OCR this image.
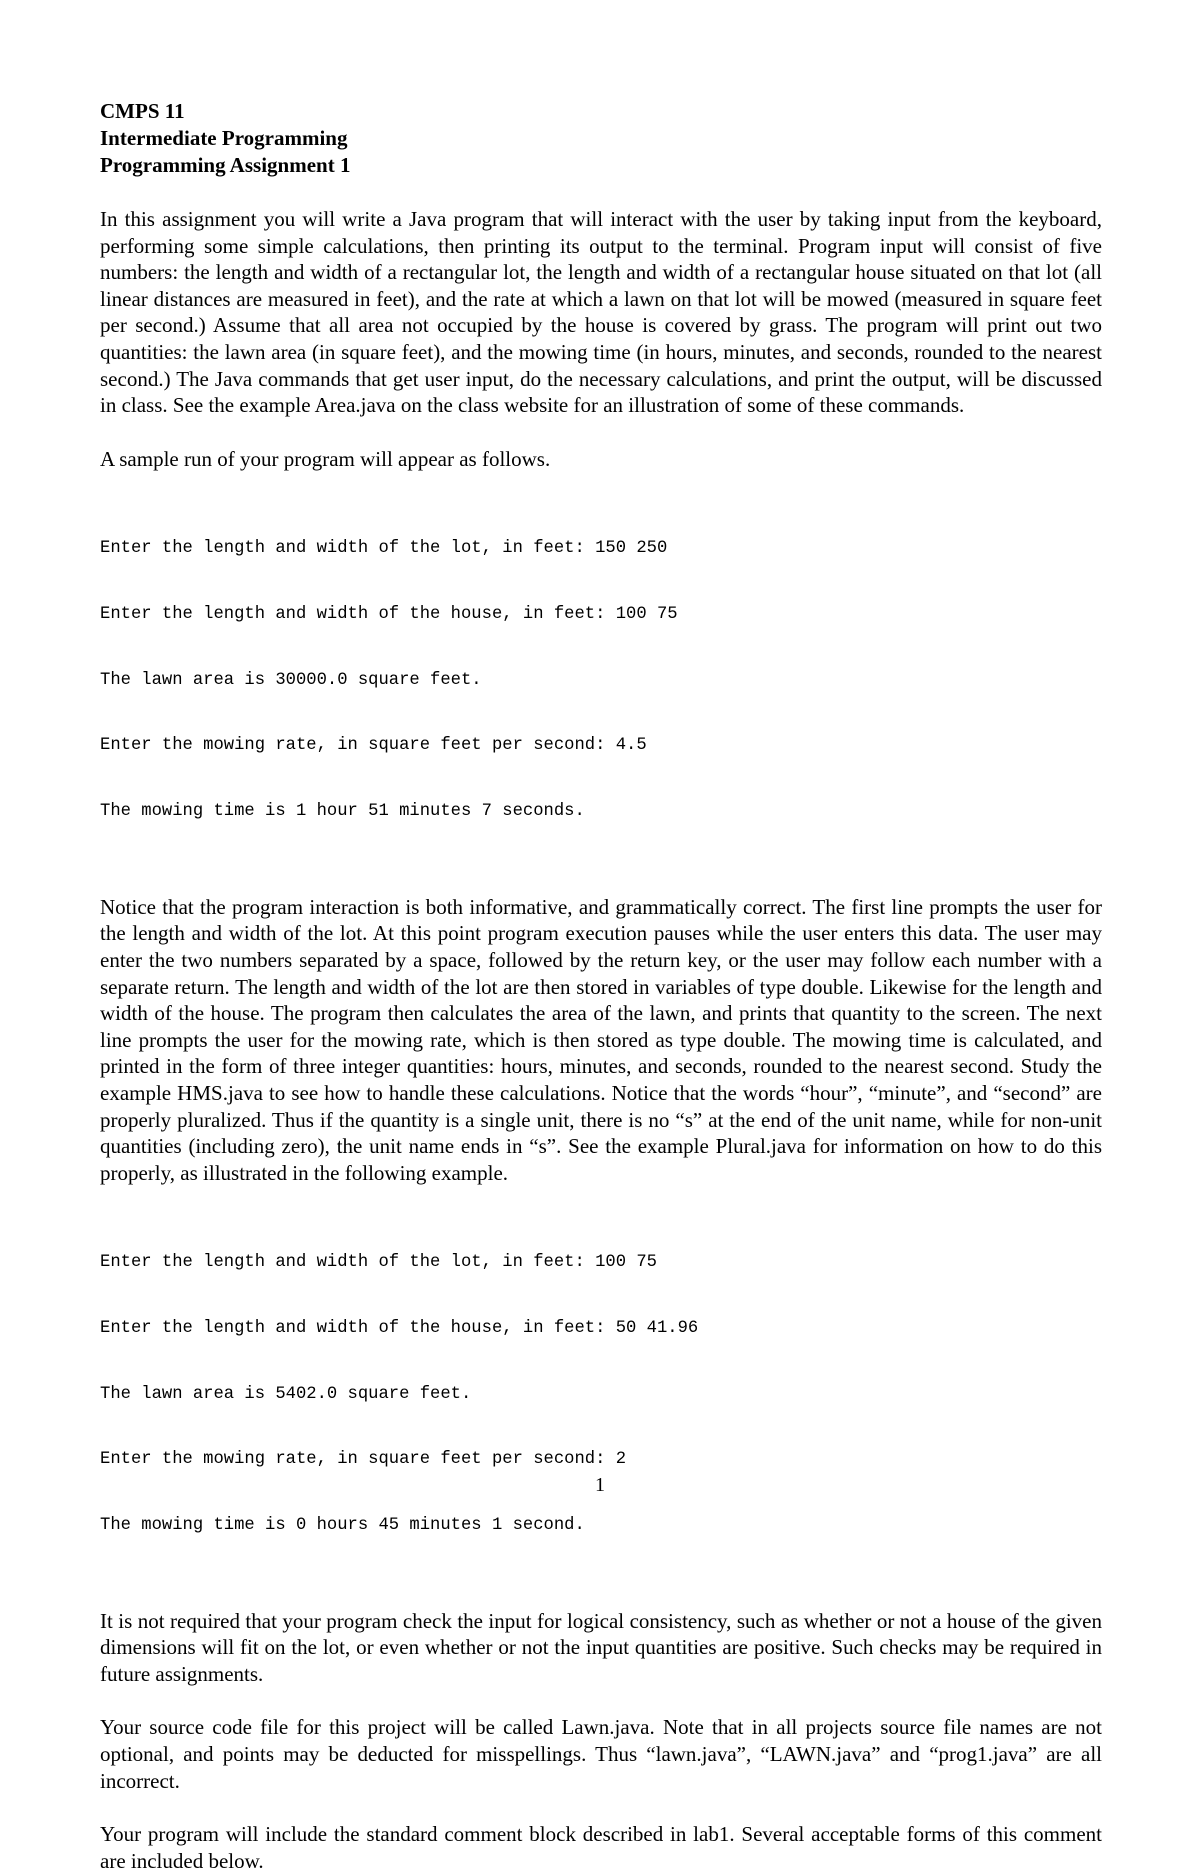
CMPS 11
Intermediate Programming
Programming Assignment 1

In this assignment you will write a Java program that will interact with the user by taking input from the keyboard, performing some simple calculations, then printing its output to the terminal. Program input will consist of five numbers: the length and width of a rectangular lot, the length and width of a rectangular house situated on that lot (all linear distances are measured in feet), and the rate at which a lawn on that lot will be mowed (measured in square feet per second.) Assume that all area not occupied by the house is covered by grass. The program will print out two quantities: the lawn area (in square feet), and the mowing time (in hours, minutes, and seconds, rounded to the nearest second.) The Java commands that get user input, do the necessary calculations, and print the output, will be discussed in class. See the example Area.java on the class website for an illustration of some of these commands.

A sample run of your program will appear as follows.

Enter the length and width of the lot, in feet: 150 250

Enter the length and width of the house, in feet: 100 75

The lawn area is 30000.0 square feet.

Enter the mowing rate, in square feet per second: 4.5

The mowing time is 1 hour 51 minutes 7 seconds.

Notice that the program interaction is both informative, and grammatically correct. The first line prompts the user for the length and width of the lot. At this point program execution pauses while the user enters this data. The user may enter the two numbers separated by a space, followed by the return key, or the user may follow each number with a separate return. The length and width of the lot are then stored in variables of type double. Likewise for the length and width of the house. The program then calculates the area of the lawn, and prints that quantity to the screen. The next line prompts the user for the mowing rate, which is then stored as type double. The mowing time is calculated, and printed in the form of three integer quantities: hours, minutes, and seconds, rounded to the nearest second. Study the example HMS.java to see how to handle these calculations. Notice that the words “hour”, “minute”, and “second” are properly pluralized. Thus if the quantity is a single unit, there is no “s” at the end of the unit name, while for non-unit quantities (including zero), the unit name ends in “s”. See the example Plural.java for information on how to do this properly, as illustrated in the following example.

Enter the length and width of the lot, in feet: 100 75

Enter the length and width of the house, in feet: 50 41.96

The lawn area is 5402.0 square feet.

Enter the mowing rate, in square feet per second: 2

The mowing time is 0 hours 45 minutes 1 second.

It is not required that your program check the input for logical consistency, such as whether or not a house of the given dimensions will fit on the lot, or even whether or not the input quantities are positive. Such checks may be required in future assignments.

Your source code file for this project will be called Lawn.java. Note that in all projects source file names are not optional, and points may be deducted for misspellings. Thus “lawn.java”, “LAWN.java” and “prog1.java” are all incorrect.

Your program will include the standard comment block described in lab1. Several acceptable forms of this comment are included below.

1
